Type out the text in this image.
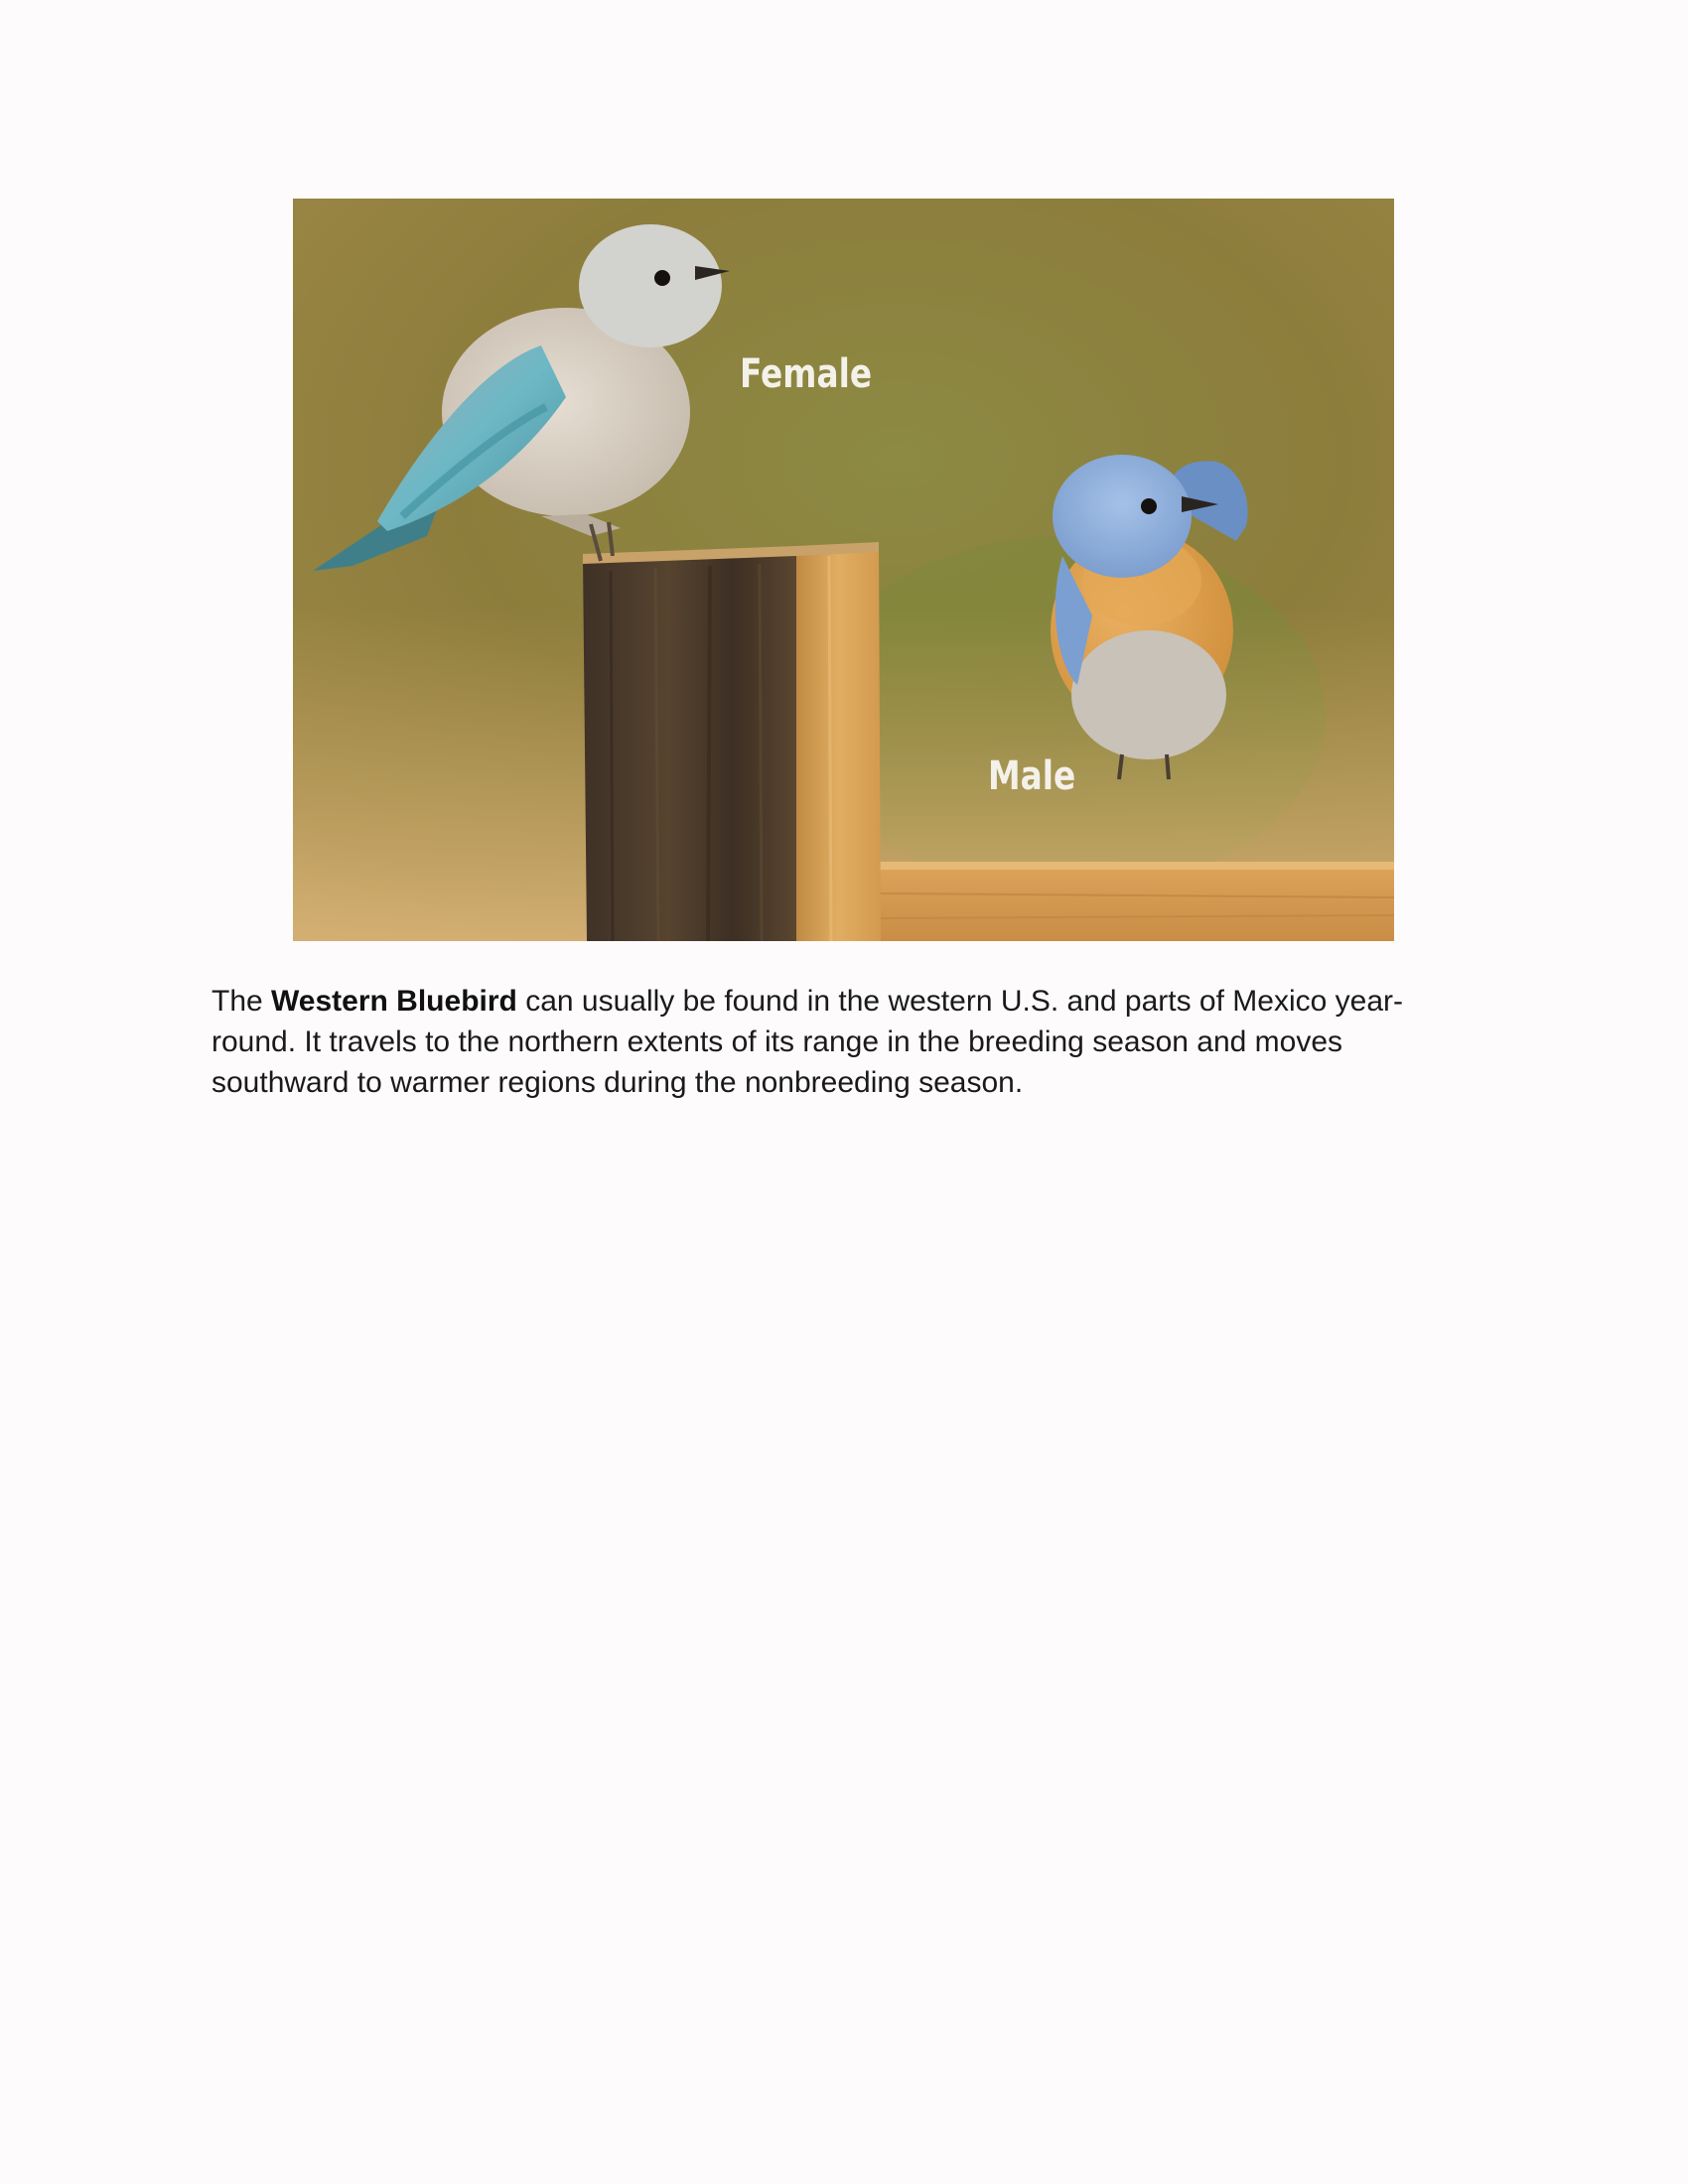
Female
Male

The Western Bluebird can usually be found in the western U.S. and parts of Mexico year-round. It travels to the northern extents of its range in the breeding season and moves southward to warmer regions during the nonbreeding season.
